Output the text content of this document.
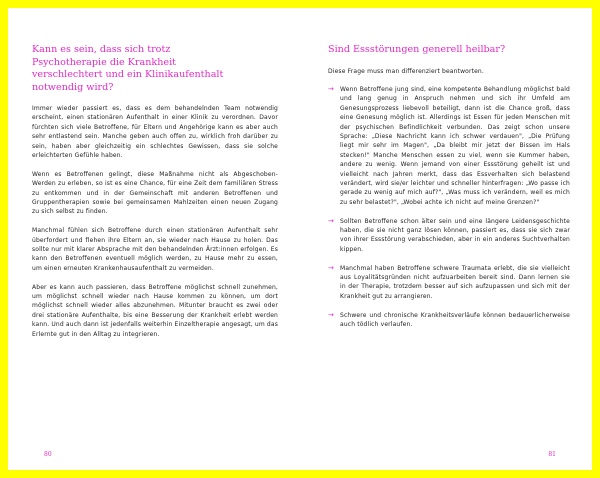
Kann es sein, dass sich trotz Psychotherapie die Krankheit verschlechtert und ein Klinikaufenthalt notwendig wird?

Immer wieder passiert es, dass es dem behandelnden Team notwendig erscheint, einen stationären Aufenthalt in einer Klinik zu verordnen. Davor fürchten sich viele Betroffene, für Eltern und Angehörige kann es aber auch sehr entlastend sein. Manche geben auch offen zu, wirklich froh darüber zu sein, haben aber gleichzeitig ein schlechtes Gewissen, dass sie solche erleichterten Gefühle haben.

Wenn es Betroffenen gelingt, diese Maßnahme nicht als Abgeschoben-Werden zu erleben, so ist es eine Chance, für eine Zeit dem familiären Stress zu entkommen und in der Gemeinschaft mit anderen Betroffenen und Gruppentherapien sowie bei gemeinsamen Mahlzeiten einen neuen Zugang zu sich selbst zu finden.

Manchmal fühlen sich Betroffene durch einen stationären Aufenthalt sehr überfordert und flehen ihre Eltern an, sie wieder nach Hause zu holen. Das sollte nur mit klarer Absprache mit den behandelnden Ärzt:innen erfolgen. Es kann den Betroffenen eventuell möglich werden, zu Hause mehr zu essen, um einen erneuten Krankenhausaufenthalt zu vermeiden.

Aber es kann auch passieren, dass Betroffene möglichst schnell zunehmen, um möglichst schnell wieder nach Hause kommen zu können, um dort möglichst schnell wieder alles abzunehmen. Mitunter braucht es zwei oder drei stationäre Aufenthalte, bis eine Besserung der Krankheit erlebt werden kann. Und auch dann ist jedenfalls weiterhin Einzeltherapie angesagt, um das Erlernte gut in den Alltag zu integrieren.

80
Sind Essstörungen generell heilbar?

Diese Frage muss man differenziert beantworten.

→ Wenn Betroffene jung sind, eine kompetente Behandlung möglichst bald und lang genug in Anspruch nehmen und sich ihr Umfeld am Genesungsprozess liebevoll beteiligt, dann ist die Chance groß, dass eine Genesung möglich ist. Allerdings ist Essen für jeden Menschen mit der psychischen Befindlichkeit verbunden. Das zeigt schon unsere Sprache: „Diese Nachricht kann ich schwer verdauen", „Die Prüfung liegt mir sehr im Magen", „Da bleibt mir jetzt der Bissen im Hals stecken!" Manche Menschen essen zu viel, wenn sie Kummer haben, andere zu wenig. Wenn jemand von einer Essstörung geheilt ist und vielleicht nach Jahren merkt, dass das Essverhalten sich belastend verändert, wird sie/er leichter und schneller hinterfragen: „Wo passe ich gerade zu wenig auf mich auf?", „Was muss ich verändern, weil es mich zu sehr belastet?", „Wobei achte ich nicht auf meine Grenzen?"
→ Sollten Betroffene schon älter sein und eine längere Leidensgeschichte haben, die sie nicht ganz lösen können, passiert es, dass sie sich zwar von ihrer Essstörung verabschieden, aber in ein anderes Suchtverhalten kippen.
→ Manchmal haben Betroffene schwere Traumata erlebt, die sie vielleicht aus Loyalitätsgründen nicht aufzuarbeiten bereit sind. Dann lernen sie in der Therapie, trotzdem besser auf sich aufzupassen und sich mit der Krankheit gut zu arrangieren.
→ Schwere und chronische Krankheitsverläufe können bedauerlicherweise auch tödlich verlaufen.
81
